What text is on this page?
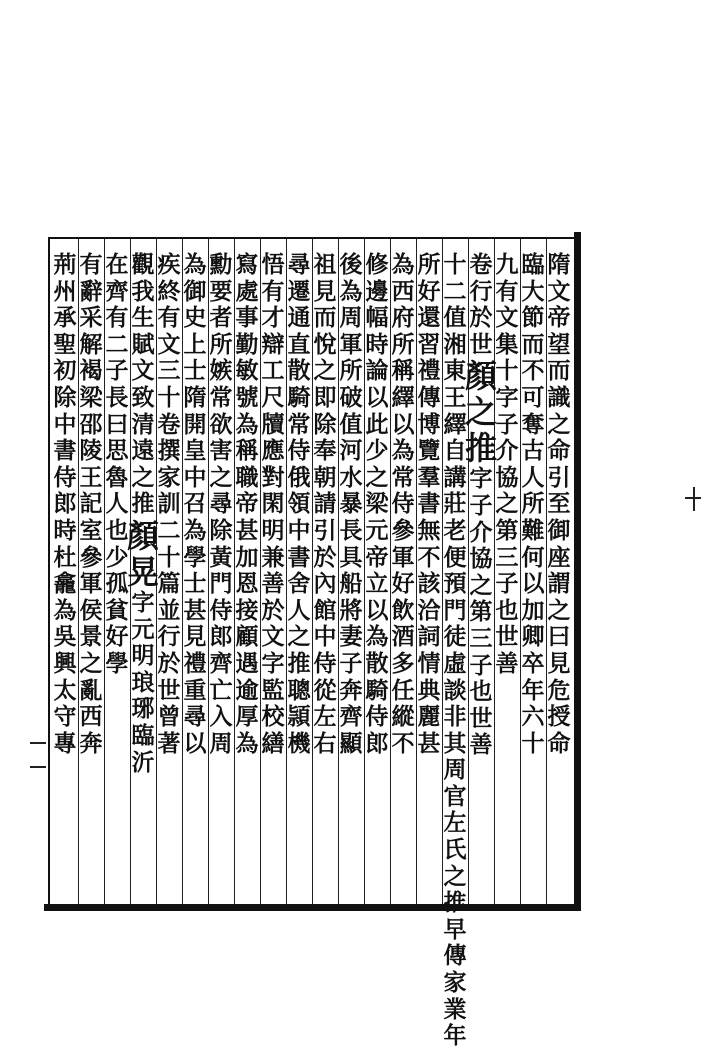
隋
文
帝
望
而
識
之
命
引
至
御
座
謂
之
曰
見
危
授
命
臨
大
節
而
不
可
奪
古
人
所
難
何
以
加
卿
卒
年
六
十
九
有
文
集
十
字
子
介
協
之
第
三
子
也
世
善
卷
行
於
世
顏
之
推
字
子
介
協
之
第
三
子
也
世
善
十
二
值
湘
東
王
繹
自
講
莊
老
便
預
門
徒
虛
談
非
其
周
官
左
氏
之
推
早
傳
家
業
年
所
好
還
習
禮
傳
博
覽
羣
書
無
不
該
洽
詞
情
典
麗
甚
為
西
府
所
稱
繹
以
為
常
侍
參
軍
好
飲
酒
多
任
縱
不
修
邊
幅
時
論
以
此
少
之
梁
元
帝
立
以
為
散
騎
侍
郎
後
為
周
軍
所
破
值
河
水
暴
長
具
船
將
妻
子
奔
齊
顯
祖
見
而
悅
之
即
除
奉
朝
請
引
於
內
館
中
侍
從
左
右
尋
遷
通
直
散
騎
常
侍
俄
領
中
書
舍
人
之
推
聰
頴
機
悟
有
才
辯
工
尺
牘
應
對
閑
明
兼
善
於
文
字
監
校
繕
寫
處
事
勤
敏
號
為
稱
職
帝
甚
加
恩
接
顧
遇
逾
厚
為
勳
要
者
所
嫉
常
欲
害
之
尋
除
黃
門
侍
郎
齊
亡
入
周
為
御
史
上
士
隋
開
皇
中
召
為
學
士
甚
見
禮
重
尋
以
疾
終
有
文
三
十
卷
撰
家
訓
二
十
篇
並
行
於
世
曾
著
觀
我
生
賦
文
致
清
遠
之
推
顏
晃
字
元
明
琅
琊
臨
沂
在
齊
有
二
子
長
曰
思
魯
人
也
少
孤
貧
好
學
有
辭
采
解
褐
梁
邵
陵
王
記
室
參
軍
侯
景
之
亂
西
奔
荊
州
承
聖
初
除
中
書
侍
郎
時
杜
龕
為
吳
興
太
守
專
